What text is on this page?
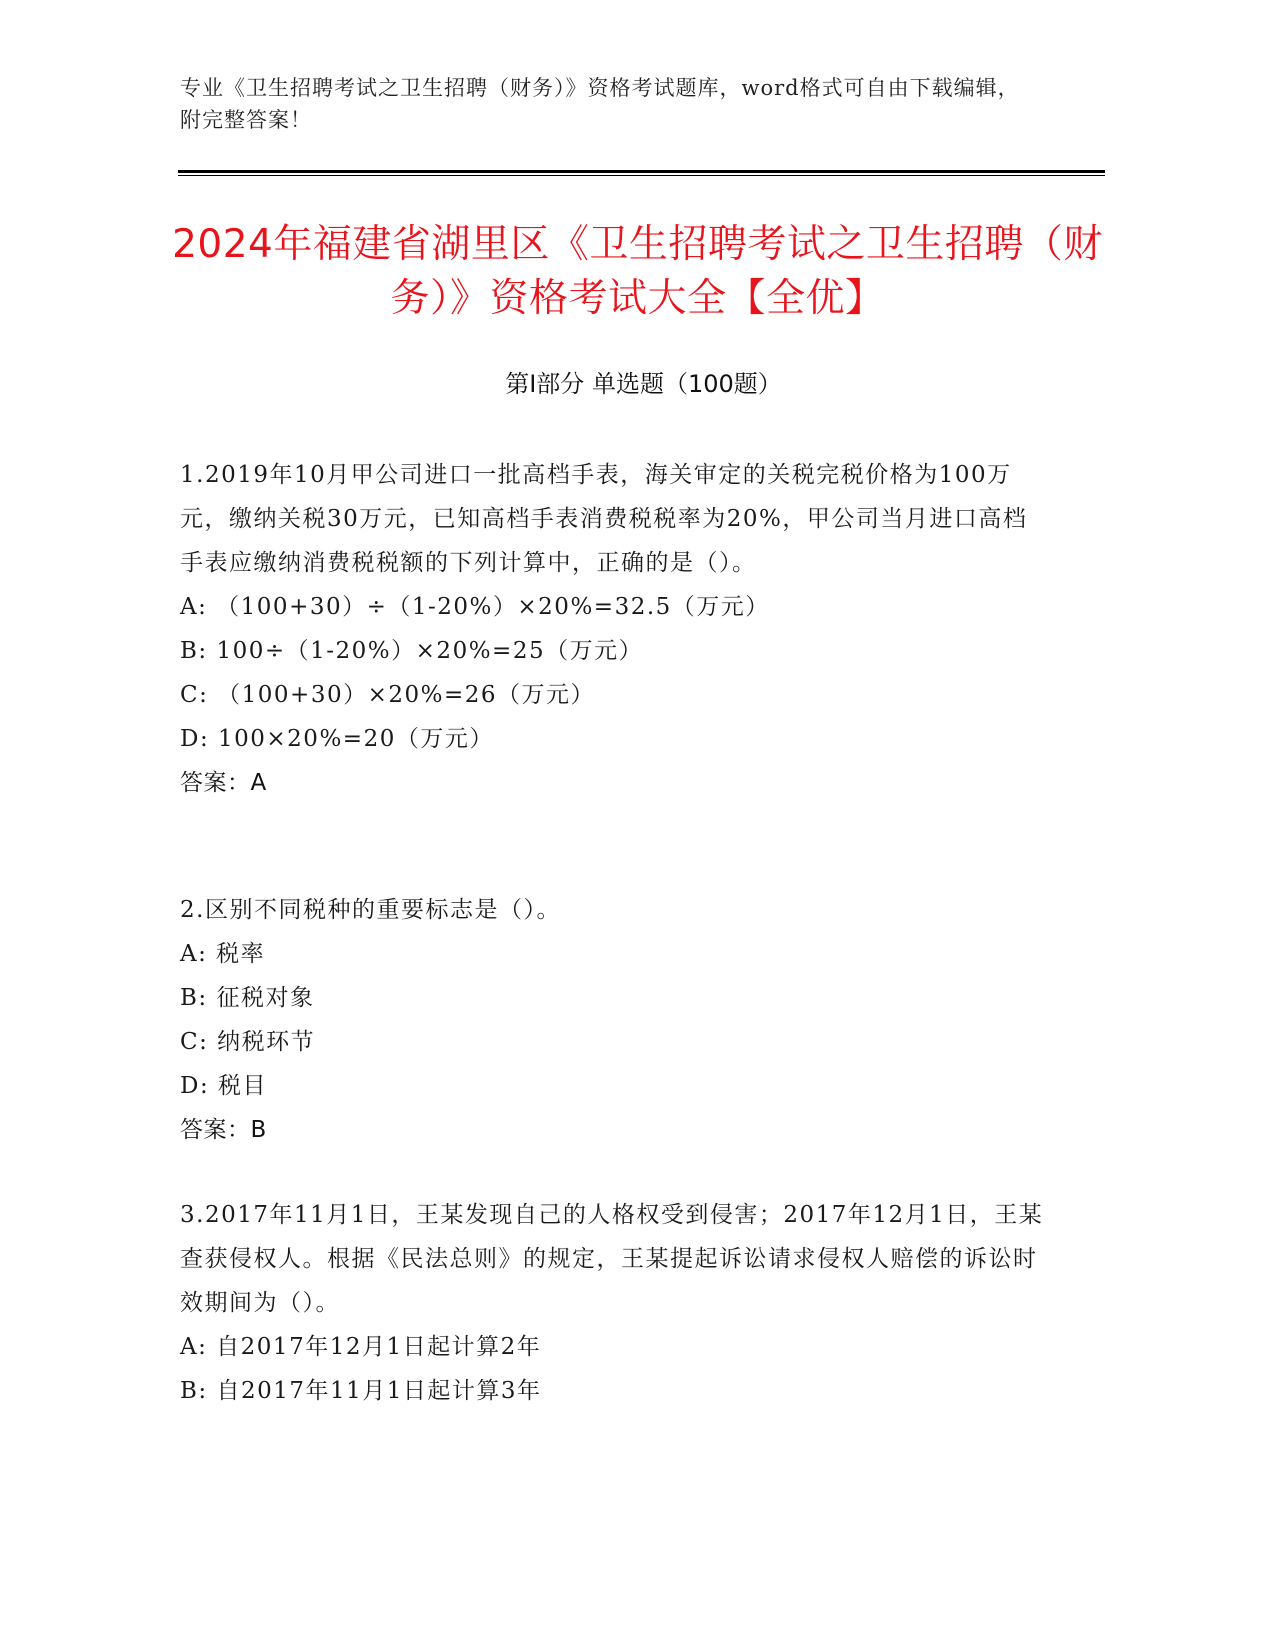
专业《卫生招聘考试之卫生招聘（财务）》资格考试题库，word格式可自由下载编辑，附完整答案！
2024年福建省湖里区《卫生招聘考试之卫生招聘（财务）》资格考试大全【全优】
第I部分 单选题（100题）
1.2019年10月甲公司进口一批高档手表，海关审定的关税完税价格为100万元，缴纳关税30万元，已知高档手表消费税税率为20%，甲公司当月进口高档手表应缴纳消费税税额的下列计算中，正确的是（）。
A: （100+30）÷（1-20%）×20%=32.5（万元）
B: 100÷（1-20%）×20%=25（万元）
C: （100+30）×20%=26（万元）
D: 100×20%=20（万元）
答案：A
2.区别不同税种的重要标志是（）。
A: 税率
B: 征税对象
C: 纳税环节
D: 税目
答案：B
3.2017年11月1日，王某发现自己的人格权受到侵害；2017年12月1日，王某查获侵权人。根据《民法总则》的规定，王某提起诉讼请求侵权人赔偿的诉讼时效期间为（）。
A: 自2017年12月1日起计算2年
B: 自2017年11月1日起计算3年
